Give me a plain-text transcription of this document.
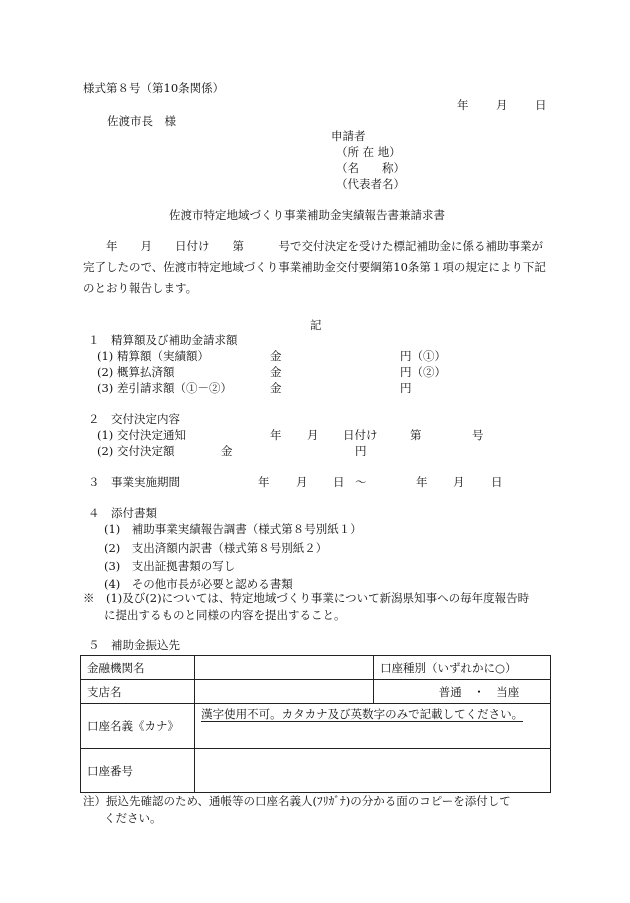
様式第８号（第10条関係）
年 月 日
佐渡市長　様
申請者
（所 在 地）
（名　　称）
（代表者名）
佐渡市特定地域づくり事業補助金実績報告書兼請求書
　　年　　月　　日付け　　第　　　号で交付決定を受けた標記補助金に係る補助事業が完了したので、佐渡市特定地域づくり事業補助金交付要綱第10条第１項の規定により下記のとおり報告します。
記
１　精算額及び補助金請求額
(1) 精算額（実績額）	金	円（①）
(2) 概算払済額	金	円（②）
(3) 差引請求額（①－②）	金	円
２　交付決定内容
(1) 交付決定通知	年 月 日付け	第	号
(2) 交付決定額	金	円
３　事業実施期間	年 月 日 ～	年 月 日
４　添付書類
(1)　補助事業実績報告調書（様式第８号別紙１）
(2)　支出済額内訳書（様式第８号別紙２）
(3)　支出証拠書類の写し
(4)　その他市長が必要と認める書類
※　(1)及び(2)については、特定地域づくり事業について新潟県知事への毎年度報告時
に提出するものと同様の内容を提出すること。
５　補助金振込先
金融機関名		口座種別（いずれかに○）
支店名		普通　・　当座
口座名義《カナ》	漢字使用不可。カタカナ及び英数字のみで記載してください。	
口座番号		
注）振込先確認のため、通帳等の口座名義人(ﾌﾘｶﾞﾅ)の分かる面のコピーを添付して
ください。
